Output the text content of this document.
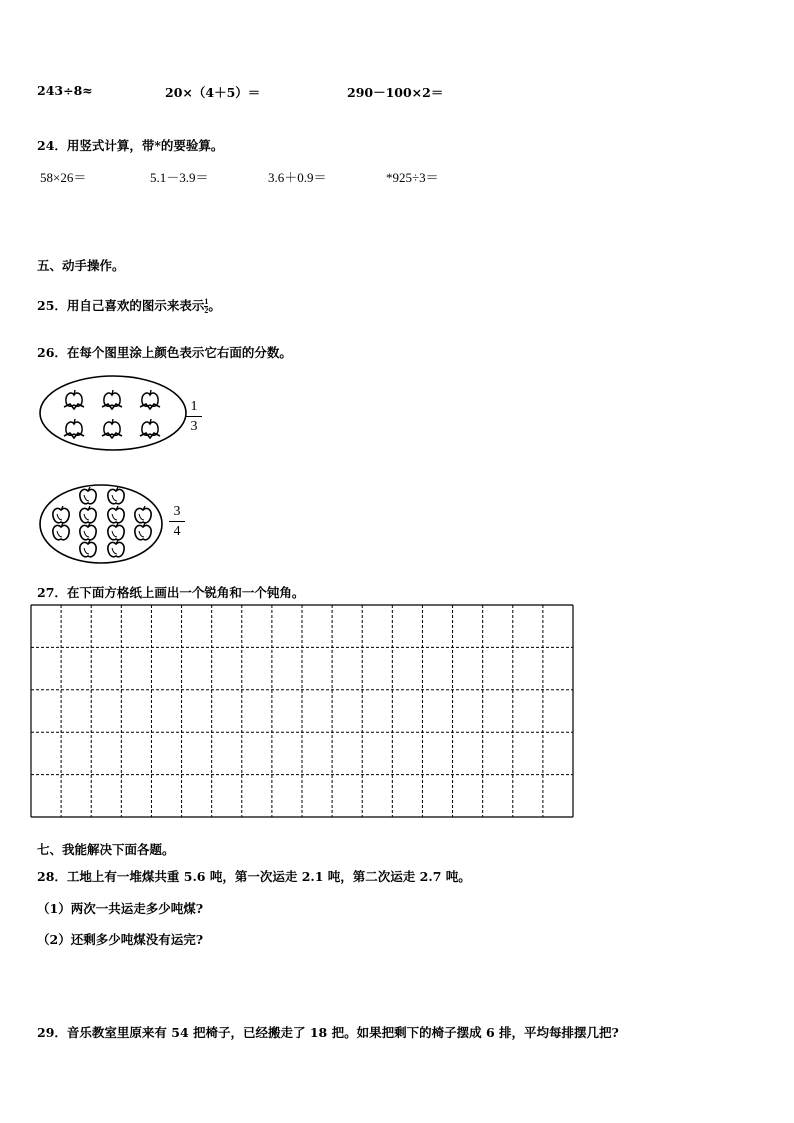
243÷8≈	20×（4＋5）＝	290－100×2＝
24．用竖式计算，带*的要验算。
58×26＝	5.1－3.9＝	3.6＋0.9＝	*925÷3＝
五、动手操作。
25．用自己喜欢的图示来表示 $\frac{1}{2}$ 。
26．在每个图里涂上颜色表示它右面的分数。
1
3
3
4
27．在下面方格纸上画出一个锐角和一个钝角。
七、我能解决下面各题。
28．工地上有一堆煤共重 5.6 吨，第一次运走 2.1 吨，第二次运走 2.7 吨。
（1）两次一共运走多少吨煤?
（2）还剩多少吨煤没有运完?
29．音乐教室里原来有 54 把椅子，已经搬走了 18 把。如果把剩下的椅子摆成 6 排，平均每排摆几把?
